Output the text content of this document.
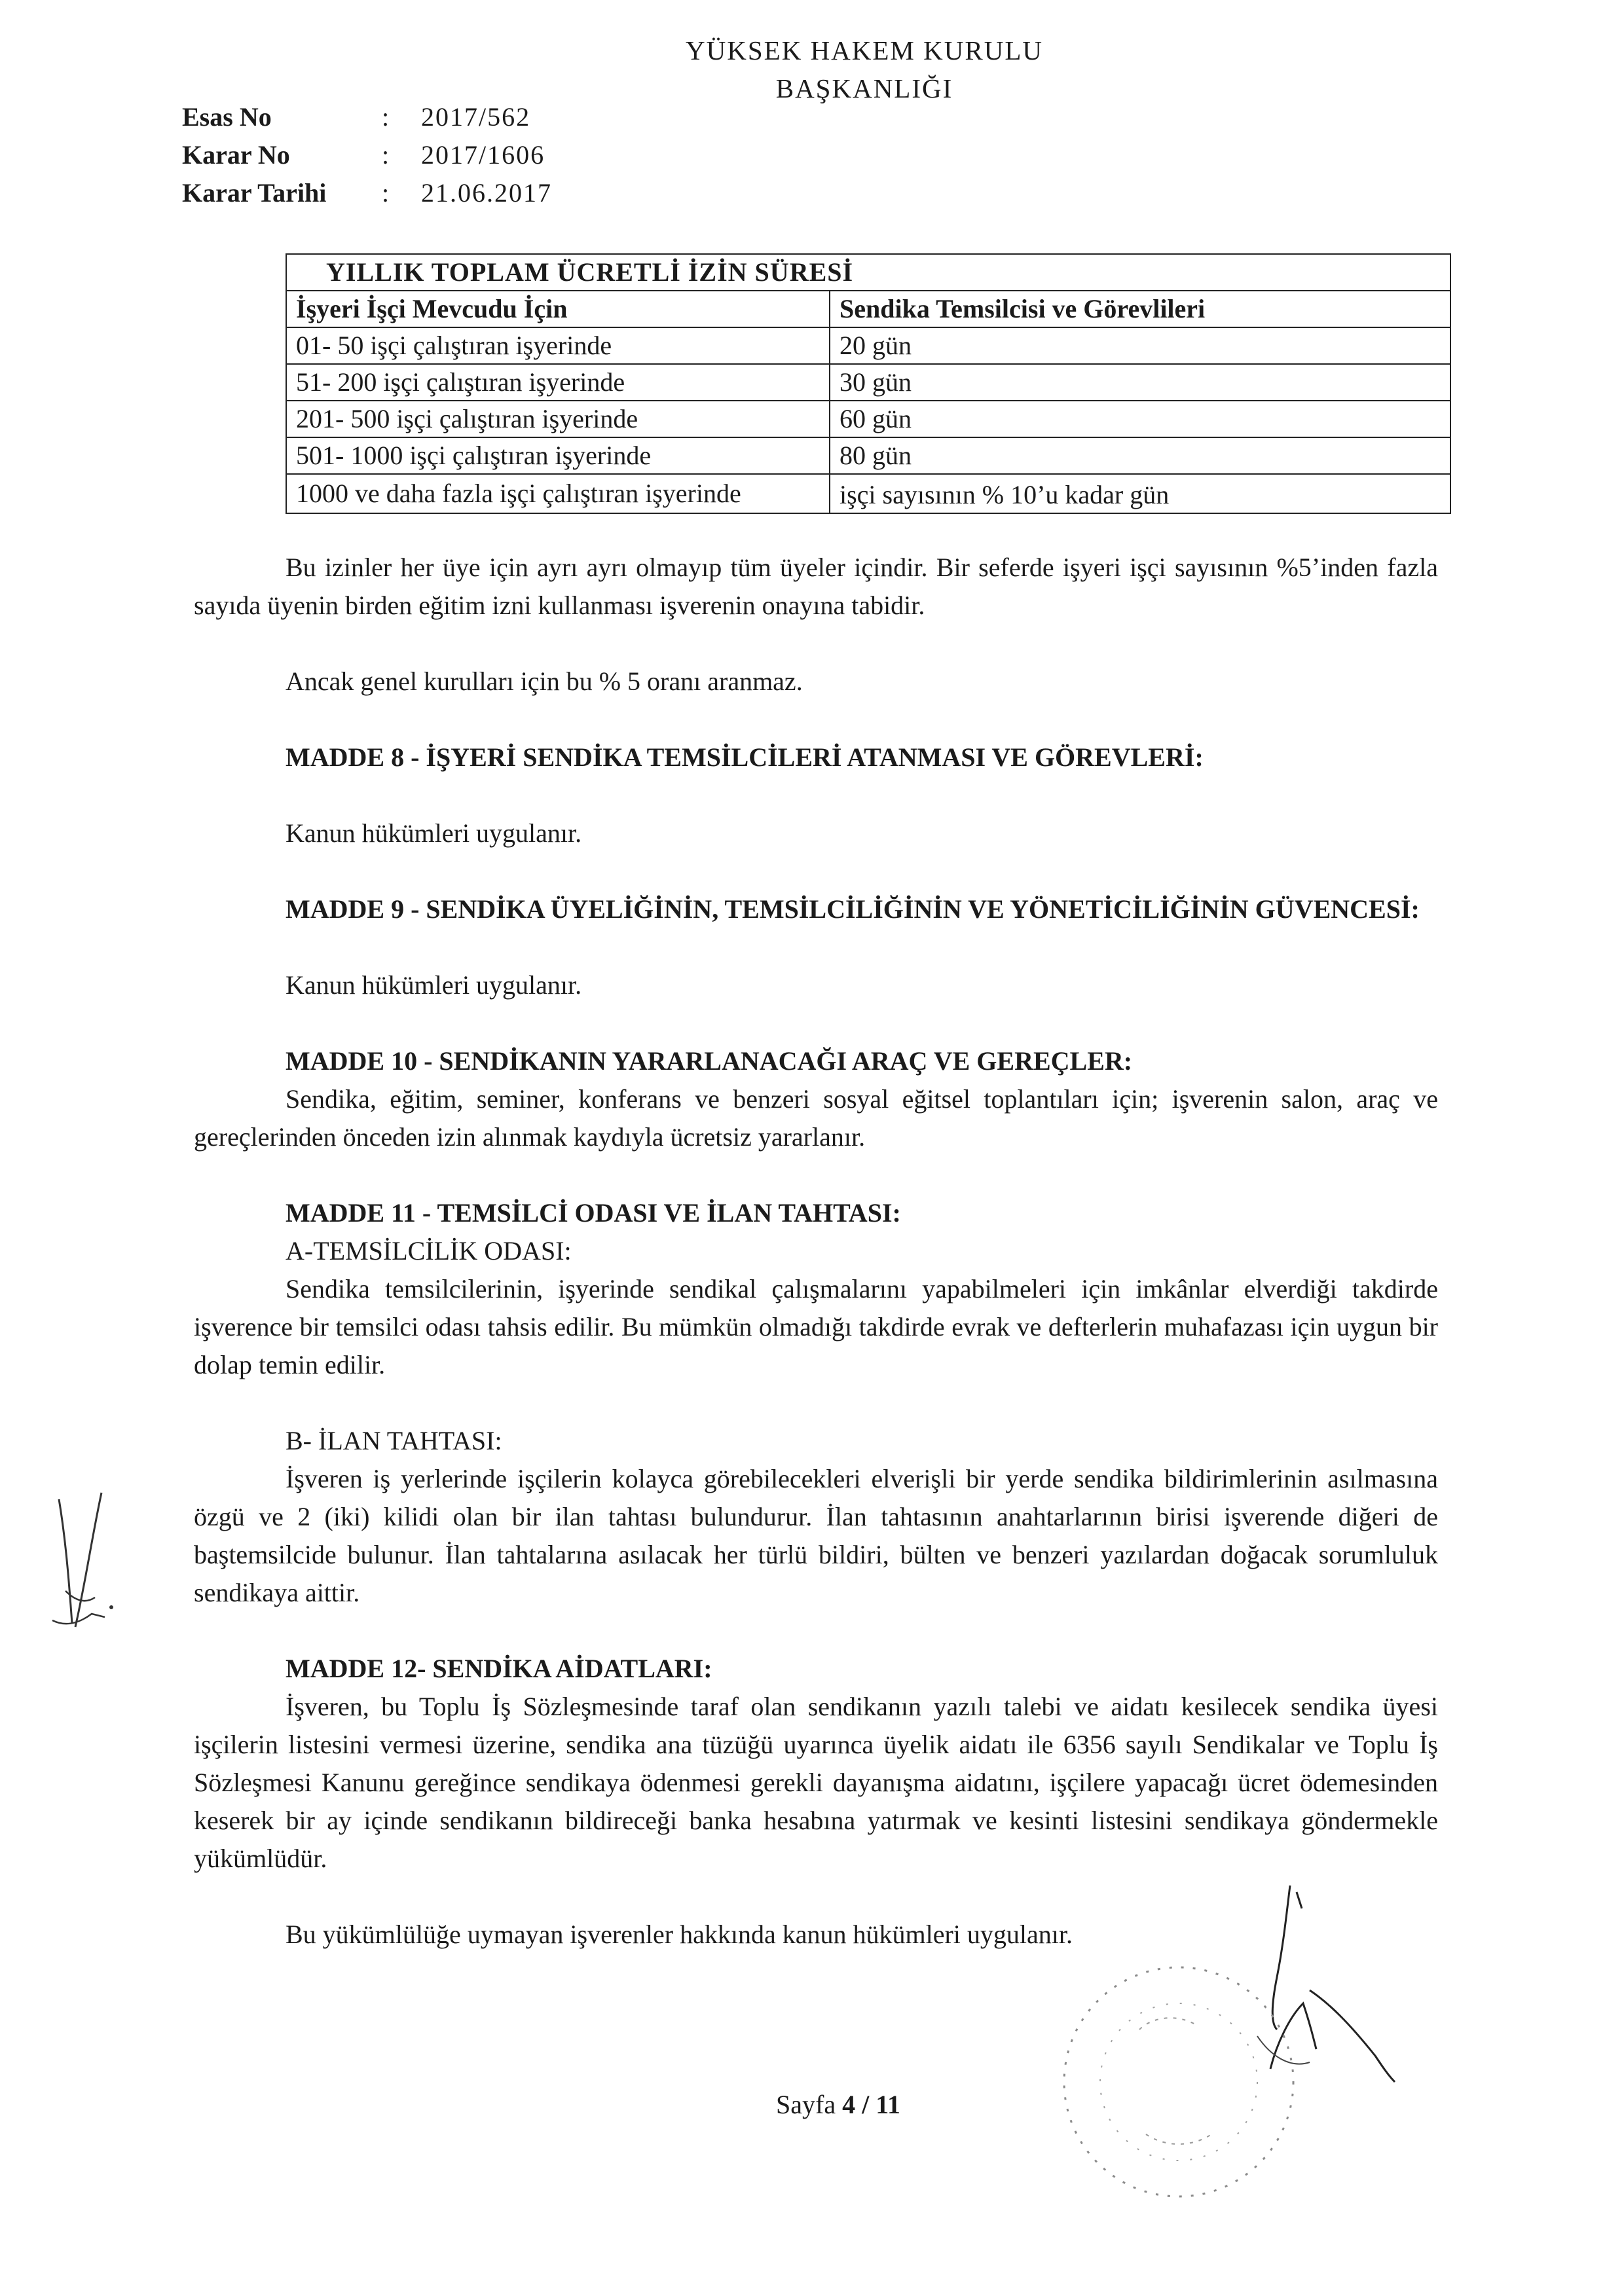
YÜKSEK HAKEM KURULU
BAŞKANLIĞI
Esas No	:	2017/562
Karar No	:	2017/1606
Karar Tarihi	:	21.06.2017
YILLIK TOPLAM ÜCRETLİ İZİN SÜRESİ	
İşyeri İşçi Mevcudu İçin	Sendika Temsilcisi ve Görevlileri
01- 50 işçi çalıştıran işyerinde	20 gün
51- 200 işçi çalıştıran işyerinde	30 gün
201- 500 işçi çalıştıran işyerinde	60 gün
501- 1000 işçi çalıştıran işyerinde	80 gün
1000 ve daha fazla işçi çalıştıran işyerinde	işçi sayısının % 10’u kadar gün
Bu izinler her üye için ayrı ayrı olmayıp tüm üyeler içindir. Bir seferde işyeri işçi sayısının %5’inden fazla sayıda üyenin birden eğitim izni kullanması işverenin onayına tabidir.
Ancak genel kurulları için bu % 5 oranı aranmaz.
MADDE 8 - İŞYERİ SENDİKA TEMSİLCİLERİ ATANMASI VE GÖREVLERİ:
Kanun hükümleri uygulanır.
MADDE 9 - SENDİKA ÜYELİĞİNİN, TEMSİLCİLİĞİNİN VE YÖNETİCİLİĞİNİN GÜVENCESİ:
Kanun hükümleri uygulanır.
MADDE 10 - SENDİKANIN YARARLANACAĞI ARAÇ VE GEREÇLER:
Sendika, eğitim, seminer, konferans ve benzeri sosyal eğitsel toplantıları için; işverenin salon, araç ve gereçlerinden önceden izin alınmak kaydıyla ücretsiz yararlanır.
MADDE 11 - TEMSİLCİ ODASI VE İLAN TAHTASI:
A-TEMSİLCİLİK ODASI:
Sendika temsilcilerinin, işyerinde sendikal çalışmalarını yapabilmeleri için imkânlar elverdiği takdirde işverence bir temsilci odası tahsis edilir. Bu mümkün olmadığı takdirde evrak ve defterlerin muhafazası için uygun bir dolap temin edilir.
B- İLAN TAHTASI:
İşveren iş yerlerinde işçilerin kolayca görebilecekleri elverişli bir yerde sendika bildirimlerinin asılmasına özgü ve 2 (iki) kilidi olan bir ilan tahtası bulundurur. İlan tahtasının anahtarlarının birisi işverende diğeri de baştemsilcide bulunur. İlan tahtalarına asılacak her türlü bildiri, bülten ve benzeri yazılardan doğacak sorumluluk sendikaya aittir.
MADDE 12- SENDİKA AİDATLARI:
İşveren, bu Toplu İş Sözleşmesinde taraf olan sendikanın yazılı talebi ve aidatı kesilecek sendika üyesi işçilerin listesini vermesi üzerine, sendika ana tüzüğü uyarınca üyelik aidatı ile 6356 sayılı Sendikalar ve Toplu İş Sözleşmesi Kanunu gereğince sendikaya ödenmesi gerekli dayanışma aidatını, işçilere yapacağı ücret ödemesinden keserek bir ay içinde sendikanın bildireceği banka hesabına yatırmak ve kesinti listesini sendikaya göndermekle yükümlüdür.
Bu yükümlülüğe uymayan işverenler hakkında kanun hükümleri uygulanır.
Sayfa 4 / 11
